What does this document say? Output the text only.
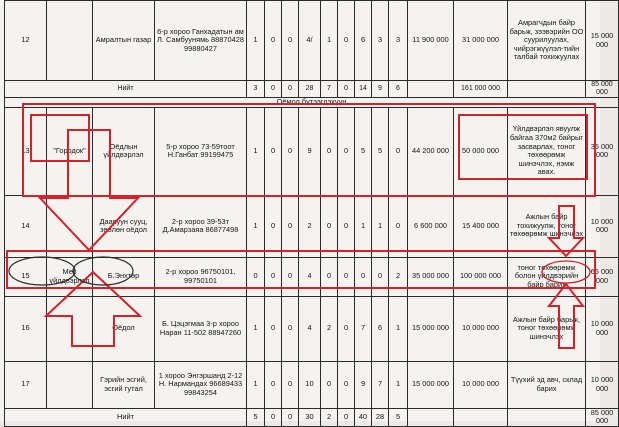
12		Амралтын газар	6-р хороо Ганхадатын ам Л. Самбуунямь 88870428 99880427	1	0	0	4/	1	0	6	3	3	11 900 000	31 000 000	Амрагчдын байр барьж, зээвэрийн ОО суурилуулах, чийрэгжүүлэл-тийн талбай тохижуулах	15 000 000
Нийт				3	0	0	28	7	0	14	9	6		161 000 000		85 000 000
Оёмол бүтээгдэхүүн																
13	"Городок"	Оёдлын үйлдвэрлэл	5-р хороо 73-59тоот Н.Ганбат 99199475	1	0	0	9	0	0	5	5	0	44 200 000	50 000 000	Үйлдвэрлэл явуулж байгаа 370м2 байрыг засварлах, тоног төхөөрөмж шинэчлэх, нэмж авах.	35 000 000
14		Даавуун сууц, зөөлөн оёдол	2-р хороо 39-53т Д.Амарзаяа 86877498	1	0	0	2	0	0	1	1	0	6 600 000	15 400 000	Ажлын байр тохижуулж, тоног төхөөрөмж шинэчлэх	10 000 000
15	Мес үйлдвэрлэл	Б.Энхтөр	2-р хороо 96750101, 99750101	0	0	0	4	0	0	0	0	2	35 000 000	100 000 000	тоног төхөөрөмж болон үйлдвэрийн байр барих	65 000 000
16		Оёдол	Б. Цэцэгмаа 3-р хороо Наран 11-502 88947260	1	0	0	4	2	0	7	6	1	15 000 000	10 000 000	Ажлын байр барьж, тоног төхөөрөмж шинэчлэх	10 000 000
17		Гэрийн эсгий, эсгий гутал	1 хороо Энгэршанд 2-12 Н. Нармандах 96689433 99843254	1	0	0	10	0	0	9	7	1	15 000 000	10 000 000	Түүхий эд авч, склад барих	10 000 000
Нийт				5	0	0	30	2	0	40	28	5				85 000 000
